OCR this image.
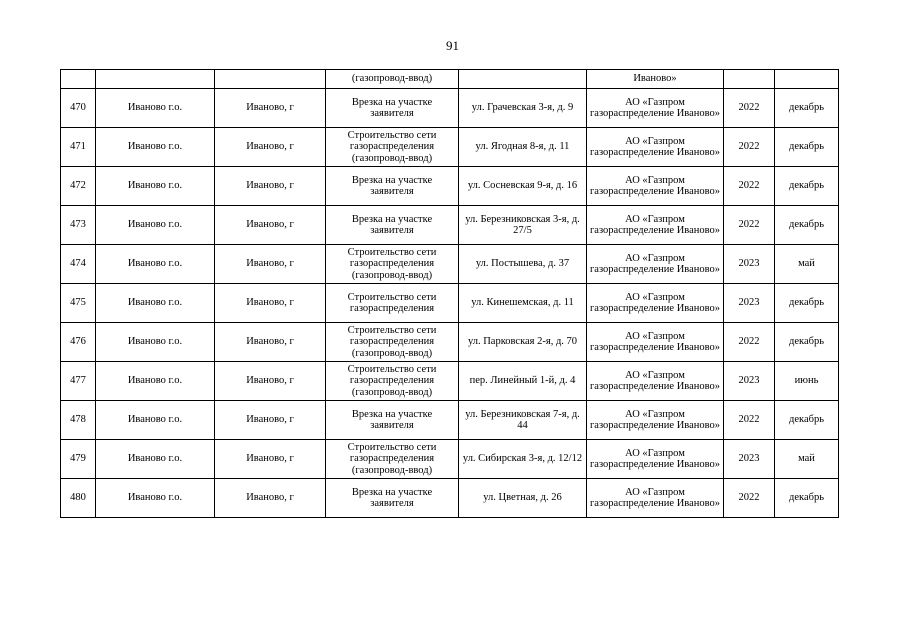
91
			(газопровод-ввод)		Иваново»		
470	Иваново г.о.	Иваново, г	Врезка на участке заявителя	ул. Грачевская 3-я, д. 9	АО «Газпром газораспределение Иваново»	2022	декабрь
471	Иваново г.о.	Иваново, г	Строительство сети газораспределения (газопровод-ввод)	ул. Ягодная 8-я, д. 11	АО «Газпром газораспределение Иваново»	2022	декабрь
472	Иваново г.о.	Иваново, г	Врезка на участке заявителя	ул. Сосневская 9-я, д. 16	АО «Газпром газораспределение Иваново»	2022	декабрь
473	Иваново г.о.	Иваново, г	Врезка на участке заявителя	ул. Березниковская 3-я, д. 27/5	АО «Газпром газораспределение Иваново»	2022	декабрь
474	Иваново г.о.	Иваново, г	Строительство сети газораспределения (газопровод-ввод)	ул. Постышева, д. 37	АО «Газпром газораспределение Иваново»	2023	май
475	Иваново г.о.	Иваново, г	Строительство сети газораспределения	ул. Кинешемская, д. 11	АО «Газпром газораспределение Иваново»	2023	декабрь
476	Иваново г.о.	Иваново, г	Строительство сети газораспределения (газопровод-ввод)	ул. Парковская 2-я, д. 70	АО «Газпром газораспределение Иваново»	2022	декабрь
477	Иваново г.о.	Иваново, г	Строительство сети газораспределения (газопровод-ввод)	пер. Линейный 1-й, д. 4	АО «Газпром газораспределение Иваново»	2023	июнь
478	Иваново г.о.	Иваново, г	Врезка на участке заявителя	ул. Березниковская 7-я, д. 44	АО «Газпром газораспределение Иваново»	2022	декабрь
479	Иваново г.о.	Иваново, г	Строительство сети газораспределения (газопровод-ввод)	ул. Сибирская 3-я, д. 12/12	АО «Газпром газораспределение Иваново»	2023	май
480	Иваново г.о.	Иваново, г	Врезка на участке заявителя	ул. Цветная, д. 26	АО «Газпром газораспределение Иваново»	2022	декабрь
